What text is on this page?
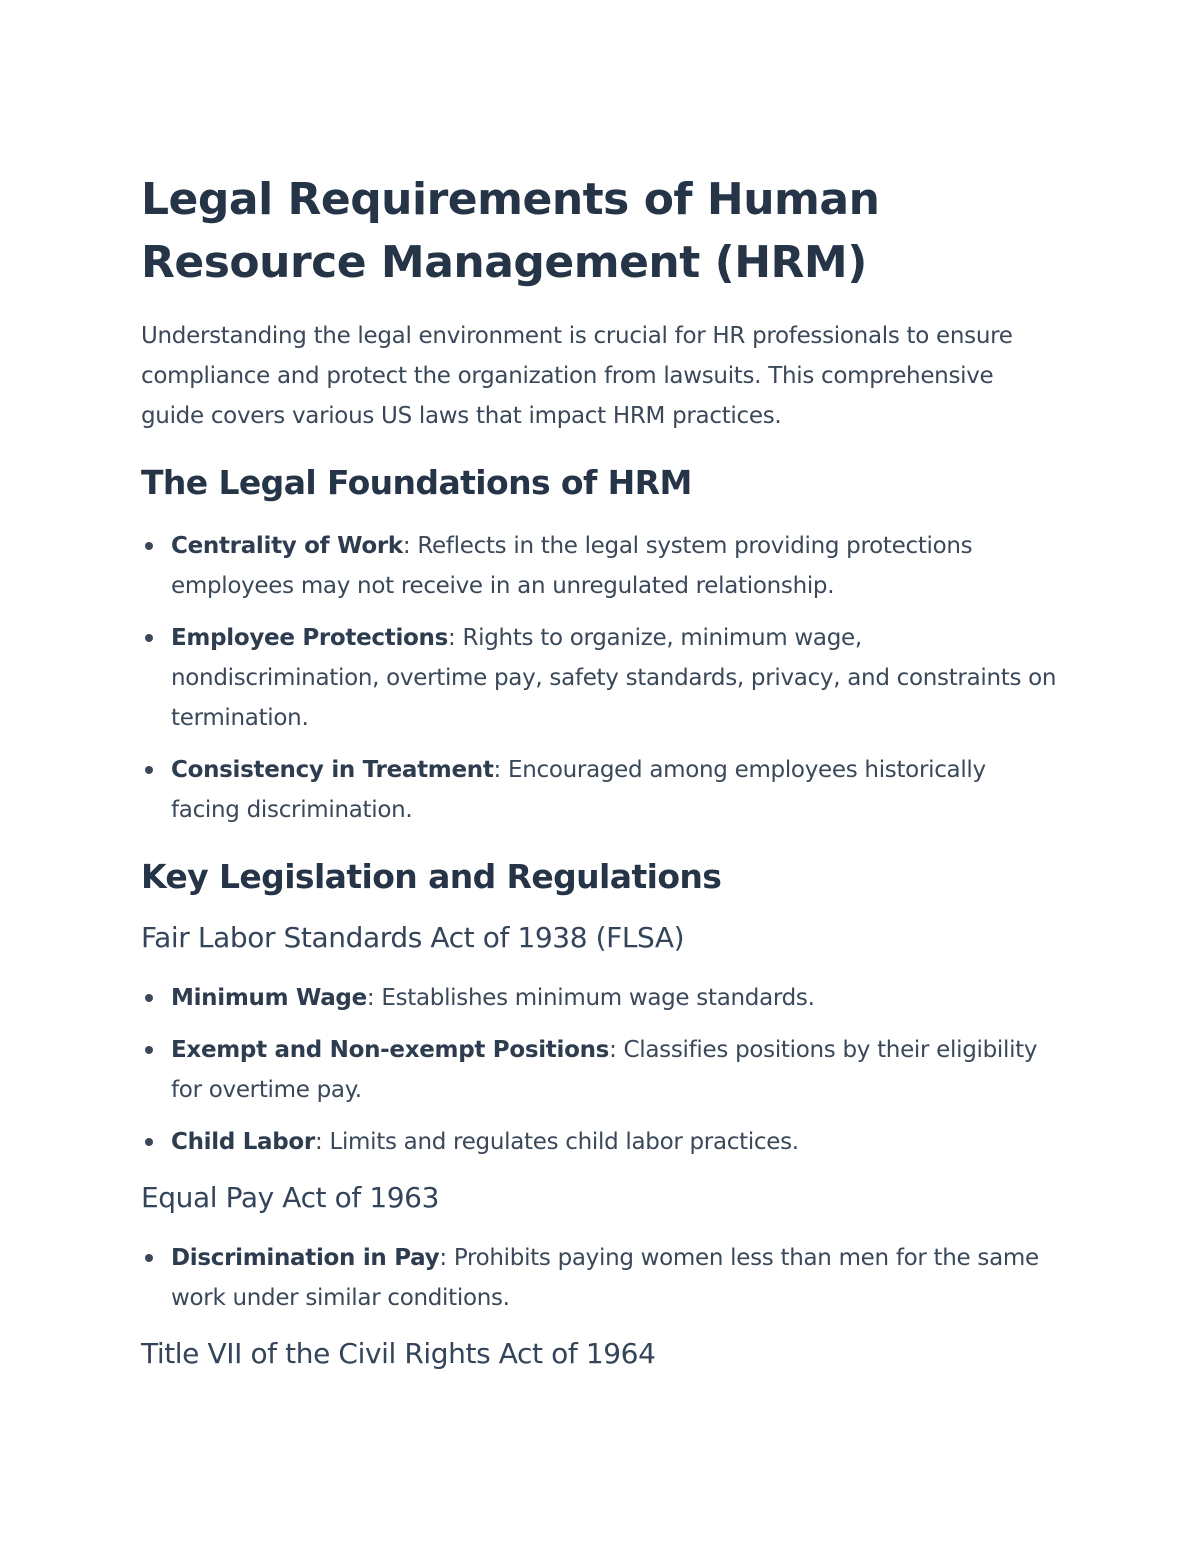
Legal Requirements of Human Resource Management (HRM)

Understanding the legal environment is crucial for HR professionals to ensure compliance and protect the organization from lawsuits. This comprehensive guide covers various US laws that impact HRM practices.

The Legal Foundations of HRM
Centrality of Work: Reflects in the legal system providing protections employees may not receive in an unregulated relationship.
Employee Protections: Rights to organize, minimum wage, nondiscrimination, overtime pay, safety standards, privacy, and constraints on termination.
Consistency in Treatment: Encouraged among employees historically facing discrimination.
Key Legislation and Regulations
Fair Labor Standards Act of 1938 (FLSA)
Minimum Wage: Establishes minimum wage standards.
Exempt and Non-exempt Positions: Classifies positions by their eligibility for overtime pay.
Child Labor: Limits and regulates child labor practices.
Equal Pay Act of 1963
Discrimination in Pay: Prohibits paying women less than men for the same work under similar conditions.
Title VII of the Civil Rights Act of 1964
